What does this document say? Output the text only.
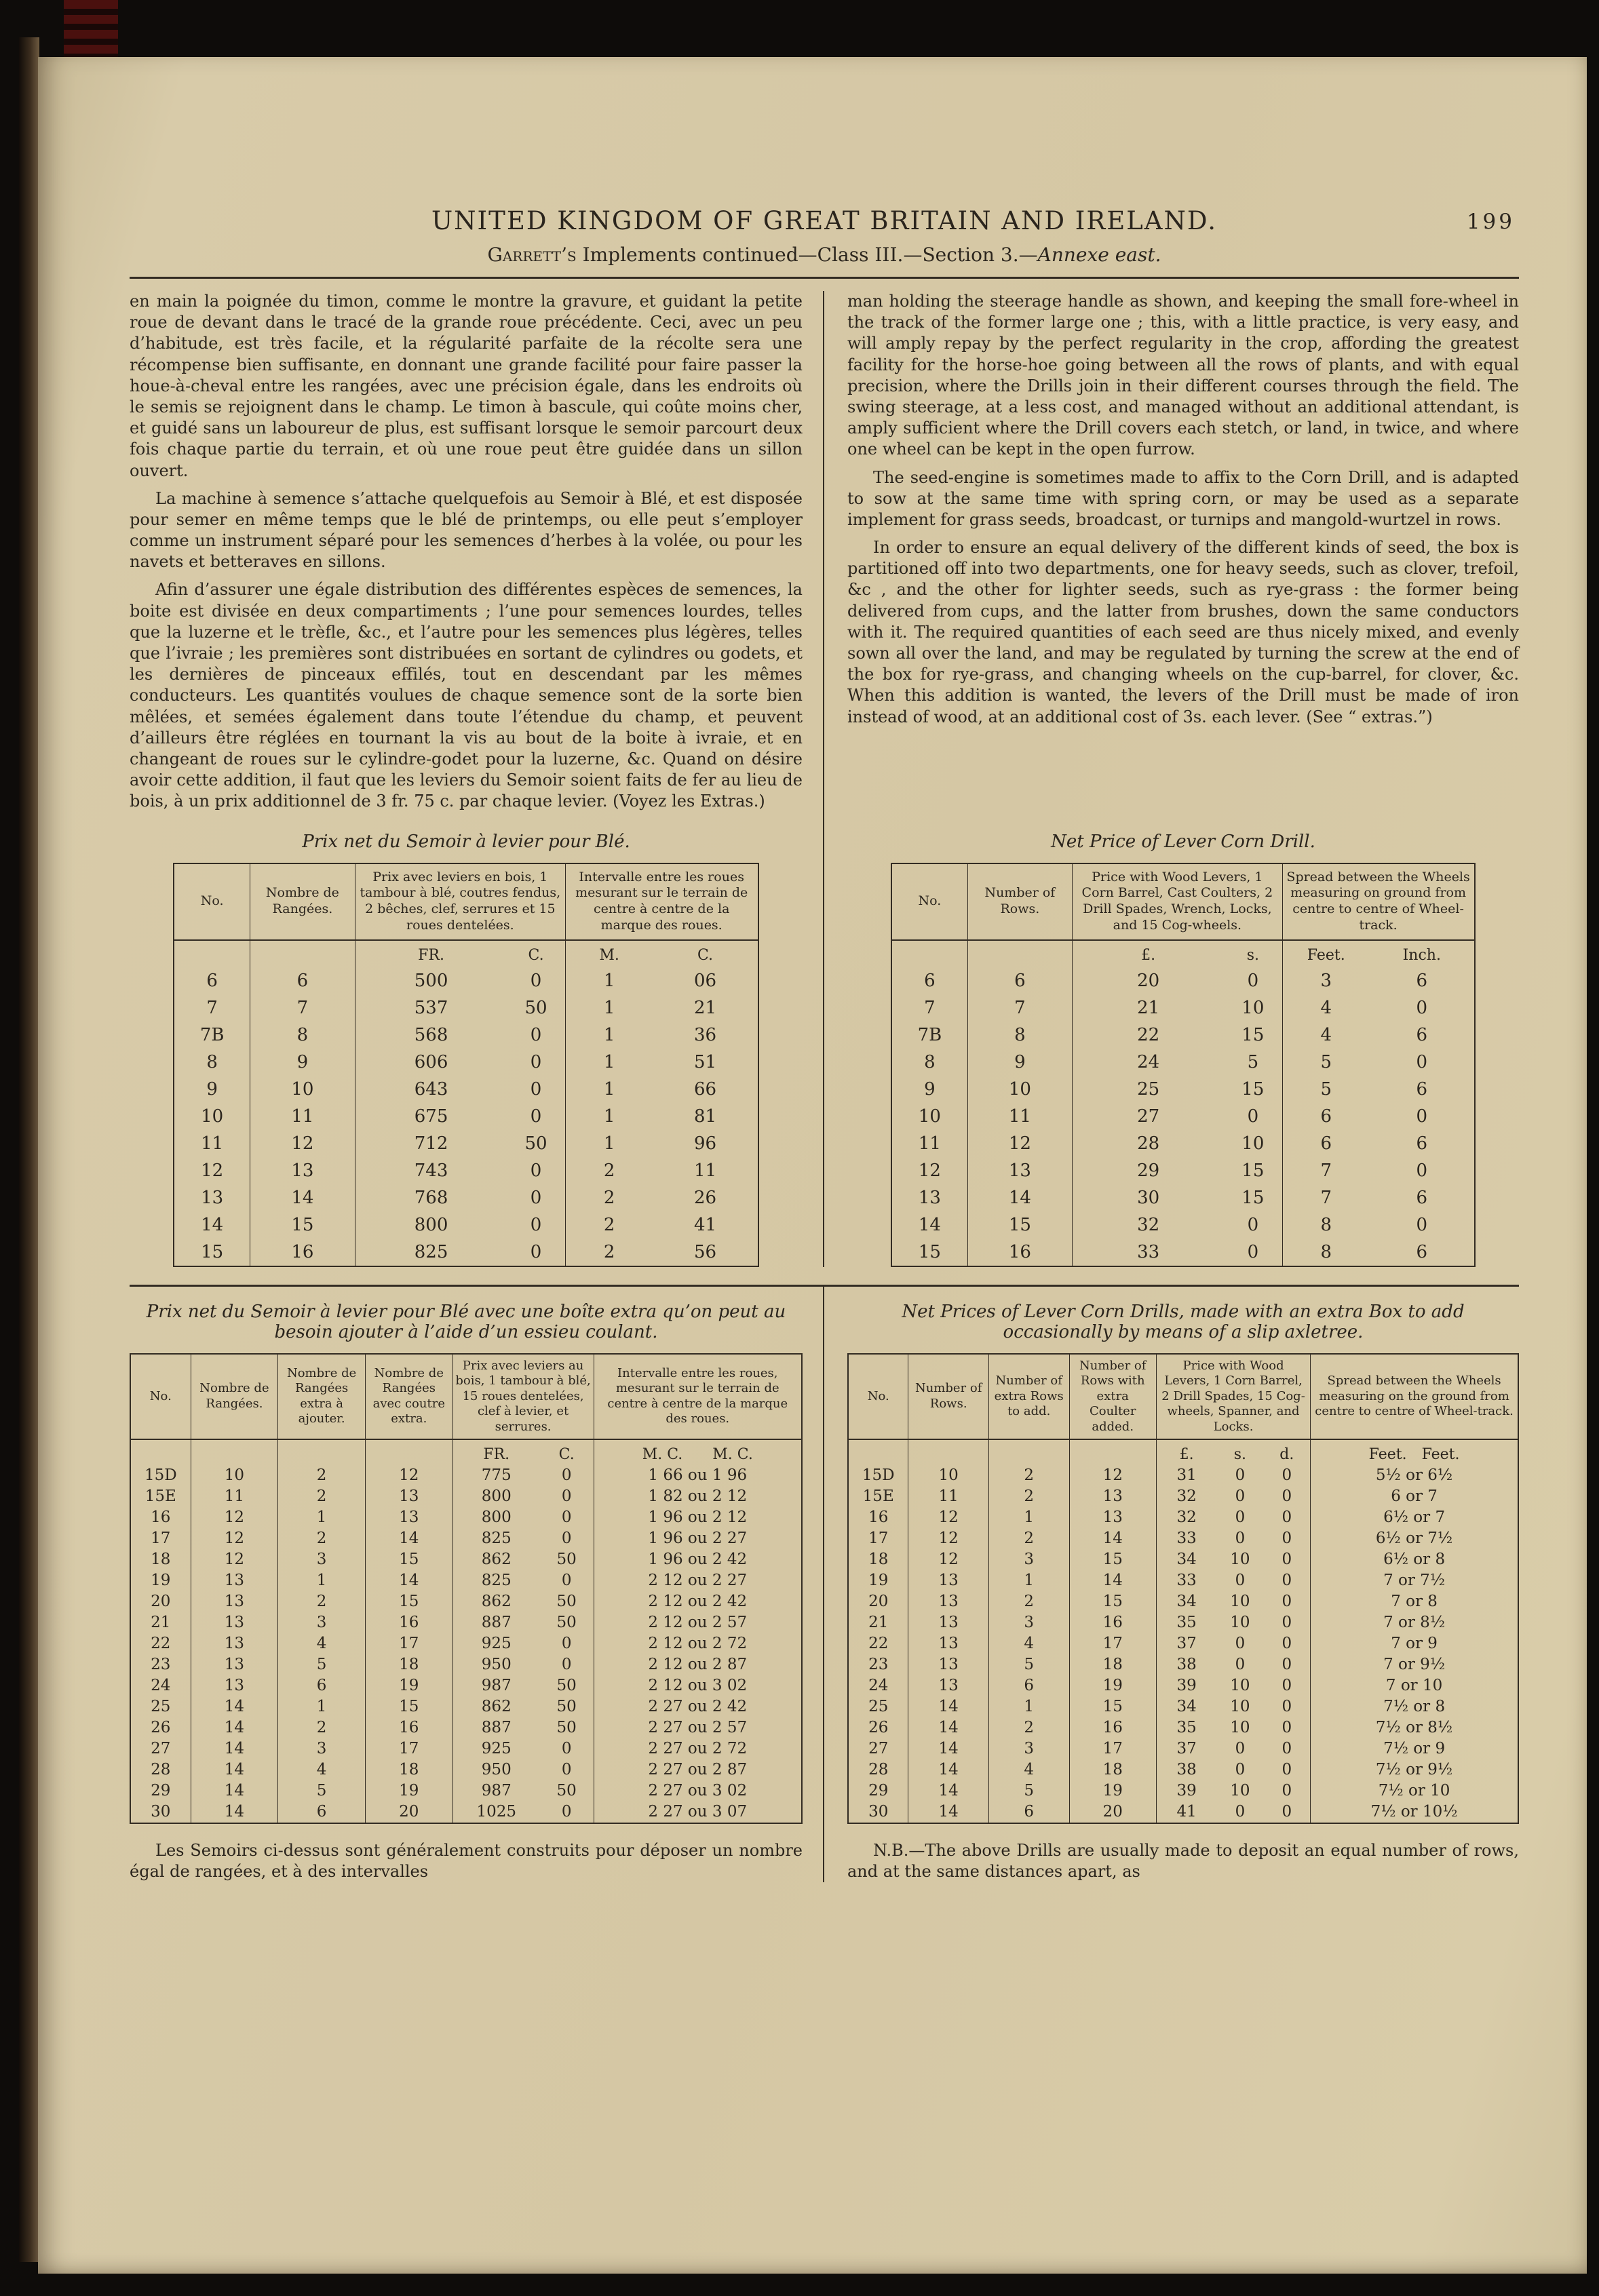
UNITED KINGDOM OF GREAT BRITAIN AND IRELAND.	199
Garrett’s Implements continued—Class III.—Section 3.—Annexe east.

en main la poignée du timon, comme le montre la gravure, et guidant la petite roue de devant dans le tracé de la grande roue précédente. Ceci, avec un peu d’habitude, est très facile, et la régularité parfaite de la récolte sera une récompense bien suffisante, en donnant une grande facilité pour faire passer la houe-à-cheval entre les rangées, avec une précision égale, dans les endroits où le semis se rejoignent dans le champ. Le timon à bascule, qui coûte moins cher, et guidé sans un laboureur de plus, est suffisant lorsque le semoir parcourt deux fois chaque partie du terrain, et où une roue peut être guidée dans un sillon ouvert.

La machine à semence s’attache quelquefois au Semoir à Blé, et est disposée pour semer en même temps que le blé de printemps, ou elle peut s’employer comme un instrument séparé pour les semences d’herbes à la volée, ou pour les navets et betteraves en sillons.

Afin d’assurer une égale distribution des différentes espèces de semences, la boite est divisée en deux compartiments ; l’une pour semences lourdes, telles que la luzerne et le trèfle, &c., et l’autre pour les semences plus légères, telles que l’ivraie ; les premières sont distribuées en sortant de cylindres ou godets, et les dernières de pinceaux effilés, tout en descendant par les mêmes conducteurs. Les quantités voulues de chaque semence sont de la sorte bien mêlées, et semées également dans toute l’étendue du champ, et peuvent d’ailleurs être réglées en tournant la vis au bout de la boite à ivraie, et en changeant de roues sur le cylindre-godet pour la luzerne, &c. Quand on désire avoir cette addition, il faut que les leviers du Semoir soient faits de fer au lieu de bois, à un prix additionnel de 3 fr. 75 c. par chaque levier. (Voyez les Extras.)

Prix net du Semoir à levier pour Blé.
No.	Nombre de Rangées.	Prix avec leviers en bois, 1 tambour à blé, coutres fendus, 2 bêches, clef, serrures et 15 roues dentelées.		Intervalle entre les roues mesurant sur le terrain de centre à centre de la marque des roues.	
		FR.	C.	M.	C.
6	6	500	0	1	06
7	7	537	50	1	21
7B	8	568	0	1	36
8	9	606	0	1	51
9	10	643	0	1	66
10	11	675	0	1	81
11	12	712	50	1	96
12	13	743	0	2	11
13	14	768	0	2	26
14	15	800	0	2	41
15	16	825	0	2	56

man holding the steerage handle as shown, and keeping the small fore-wheel in the track of the former large one ; this, with a little practice, is very easy, and will amply repay by the perfect regularity in the crop, affording the greatest facility for the horse-hoe going between all the rows of plants, and with equal precision, where the Drills join in their different courses through the field. The swing steerage, at a less cost, and managed without an additional attendant, is amply sufficient where the Drill covers each stetch, or land, in twice, and where one wheel can be kept in the open furrow.

The seed-engine is sometimes made to affix to the Corn Drill, and is adapted to sow at the same time with spring corn, or may be used as a separate implement for grass seeds, broadcast, or turnips and mangold-wurtzel in rows.

In order to ensure an equal delivery of the different kinds of seed, the box is partitioned off into two departments, one for heavy seeds, such as clover, trefoil, &c , and the other for lighter seeds, such as rye-grass : the former being delivered from cups, and the latter from brushes, down the same conductors with it. The required quantities of each seed are thus nicely mixed, and evenly sown all over the land, and may be regulated by turning the screw at the end of the box for rye-grass, and changing wheels on the cup-barrel, for clover, &c. When this addition is wanted, the levers of the Drill must be made of iron instead of wood, at an additional cost of 3s. each lever. (See “ extras.”)

Net Price of Lever Corn Drill.
No.	Number of Rows.	Price with Wood Levers, 1 Corn Barrel, Cast Coulters, 2 Drill Spades, Wrench, Locks, and 15 Cog-wheels.		Spread between the Wheels measuring on ground from centre to centre of Wheel-track.	
		£.	s.	Feet.	Inch.
6	6	20	0	3	6
7	7	21	10	4	0
7B	8	22	15	4	6
8	9	24	5	5	0
9	10	25	15	5	6
10	11	27	0	6	0
11	12	28	10	6	6
12	13	29	15	7	0
13	14	30	15	7	6
14	15	32	0	8	0
15	16	33	0	8	6
Prix net du Semoir à levier pour Blé avec une boîte extra qu’on peut au besoin ajouter à l’aide d’un essieu coulant.
No.	Nombre de Rangées.	Nombre de Rangées extra à ajouter.	Nombre de Rangées avec coutre extra.	Prix avec leviers au bois, 1 tambour à blé, 15 roues dentelées, clef à levier, et serrures.		Intervalle entre les roues, mesurant sur le terrain de centre à centre de la marque des roues.
				FR.	C.	M. C.  M. C.
15D	10	2	12	775	0	1 66 ou 1 96
15E	11	2	13	800	0	1 82 ou 2 12
16	12	1	13	800	0	1 96 ou 2 12
17	12	2	14	825	0	1 96 ou 2 27
18	12	3	15	862	50	1 96 ou 2 42
19	13	1	14	825	0	2 12 ou 2 27
20	13	2	15	862	50	2 12 ou 2 42
21	13	3	16	887	50	2 12 ou 2 57
22	13	4	17	925	0	2 12 ou 2 72
23	13	5	18	950	0	2 12 ou 2 87
24	13	6	19	987	50	2 12 ou 3 02
25	14	1	15	862	50	2 27 ou 2 42
26	14	2	16	887	50	2 27 ou 2 57
27	14	3	17	925	0	2 27 ou 2 72
28	14	4	18	950	0	2 27 ou 2 87
29	14	5	19	987	50	2 27 ou 3 02
30	14	6	20	1025	0	2 27 ou 3 07

Les Semoirs ci-dessus sont généralement construits pour déposer un nombre égal de rangées, et à des intervalles

Net Prices of Lever Corn Drills, made with an extra Box to add occasionally by means of a slip axletree.
No.	Number of Rows.	Number of extra Rows to add.	Number of Rows with extra Coulter added.	Price with Wood Levers, 1 Corn Barrel, 2 Drill Spades, 15 Cog-wheels, Spanner, and Locks.			Spread between the Wheels measuring on the ground from centre to centre of Wheel-track.
				£.	s.	d.	Feet. Feet.
15D	10	2	12	31	0	0	5½ or 6½
15E	11	2	13	32	0	0	6 or 7
16	12	1	13	32	0	0	6½ or 7
17	12	2	14	33	0	0	6½ or 7½
18	12	3	15	34	10	0	6½ or 8
19	13	1	14	33	0	0	7 or 7½
20	13	2	15	34	10	0	7 or 8
21	13	3	16	35	10	0	7 or 8½
22	13	4	17	37	0	0	7 or 9
23	13	5	18	38	0	0	7 or 9½
24	13	6	19	39	10	0	7 or 10
25	14	1	15	34	10	0	7½ or 8
26	14	2	16	35	10	0	7½ or 8½
27	14	3	17	37	0	0	7½ or 9
28	14	4	18	38	0	0	7½ or 9½
29	14	5	19	39	10	0	7½ or 10
30	14	6	20	41	0	0	7½ or 10½

N.B.—The above Drills are usually made to deposit an equal number of rows, and at the same distances apart, as
